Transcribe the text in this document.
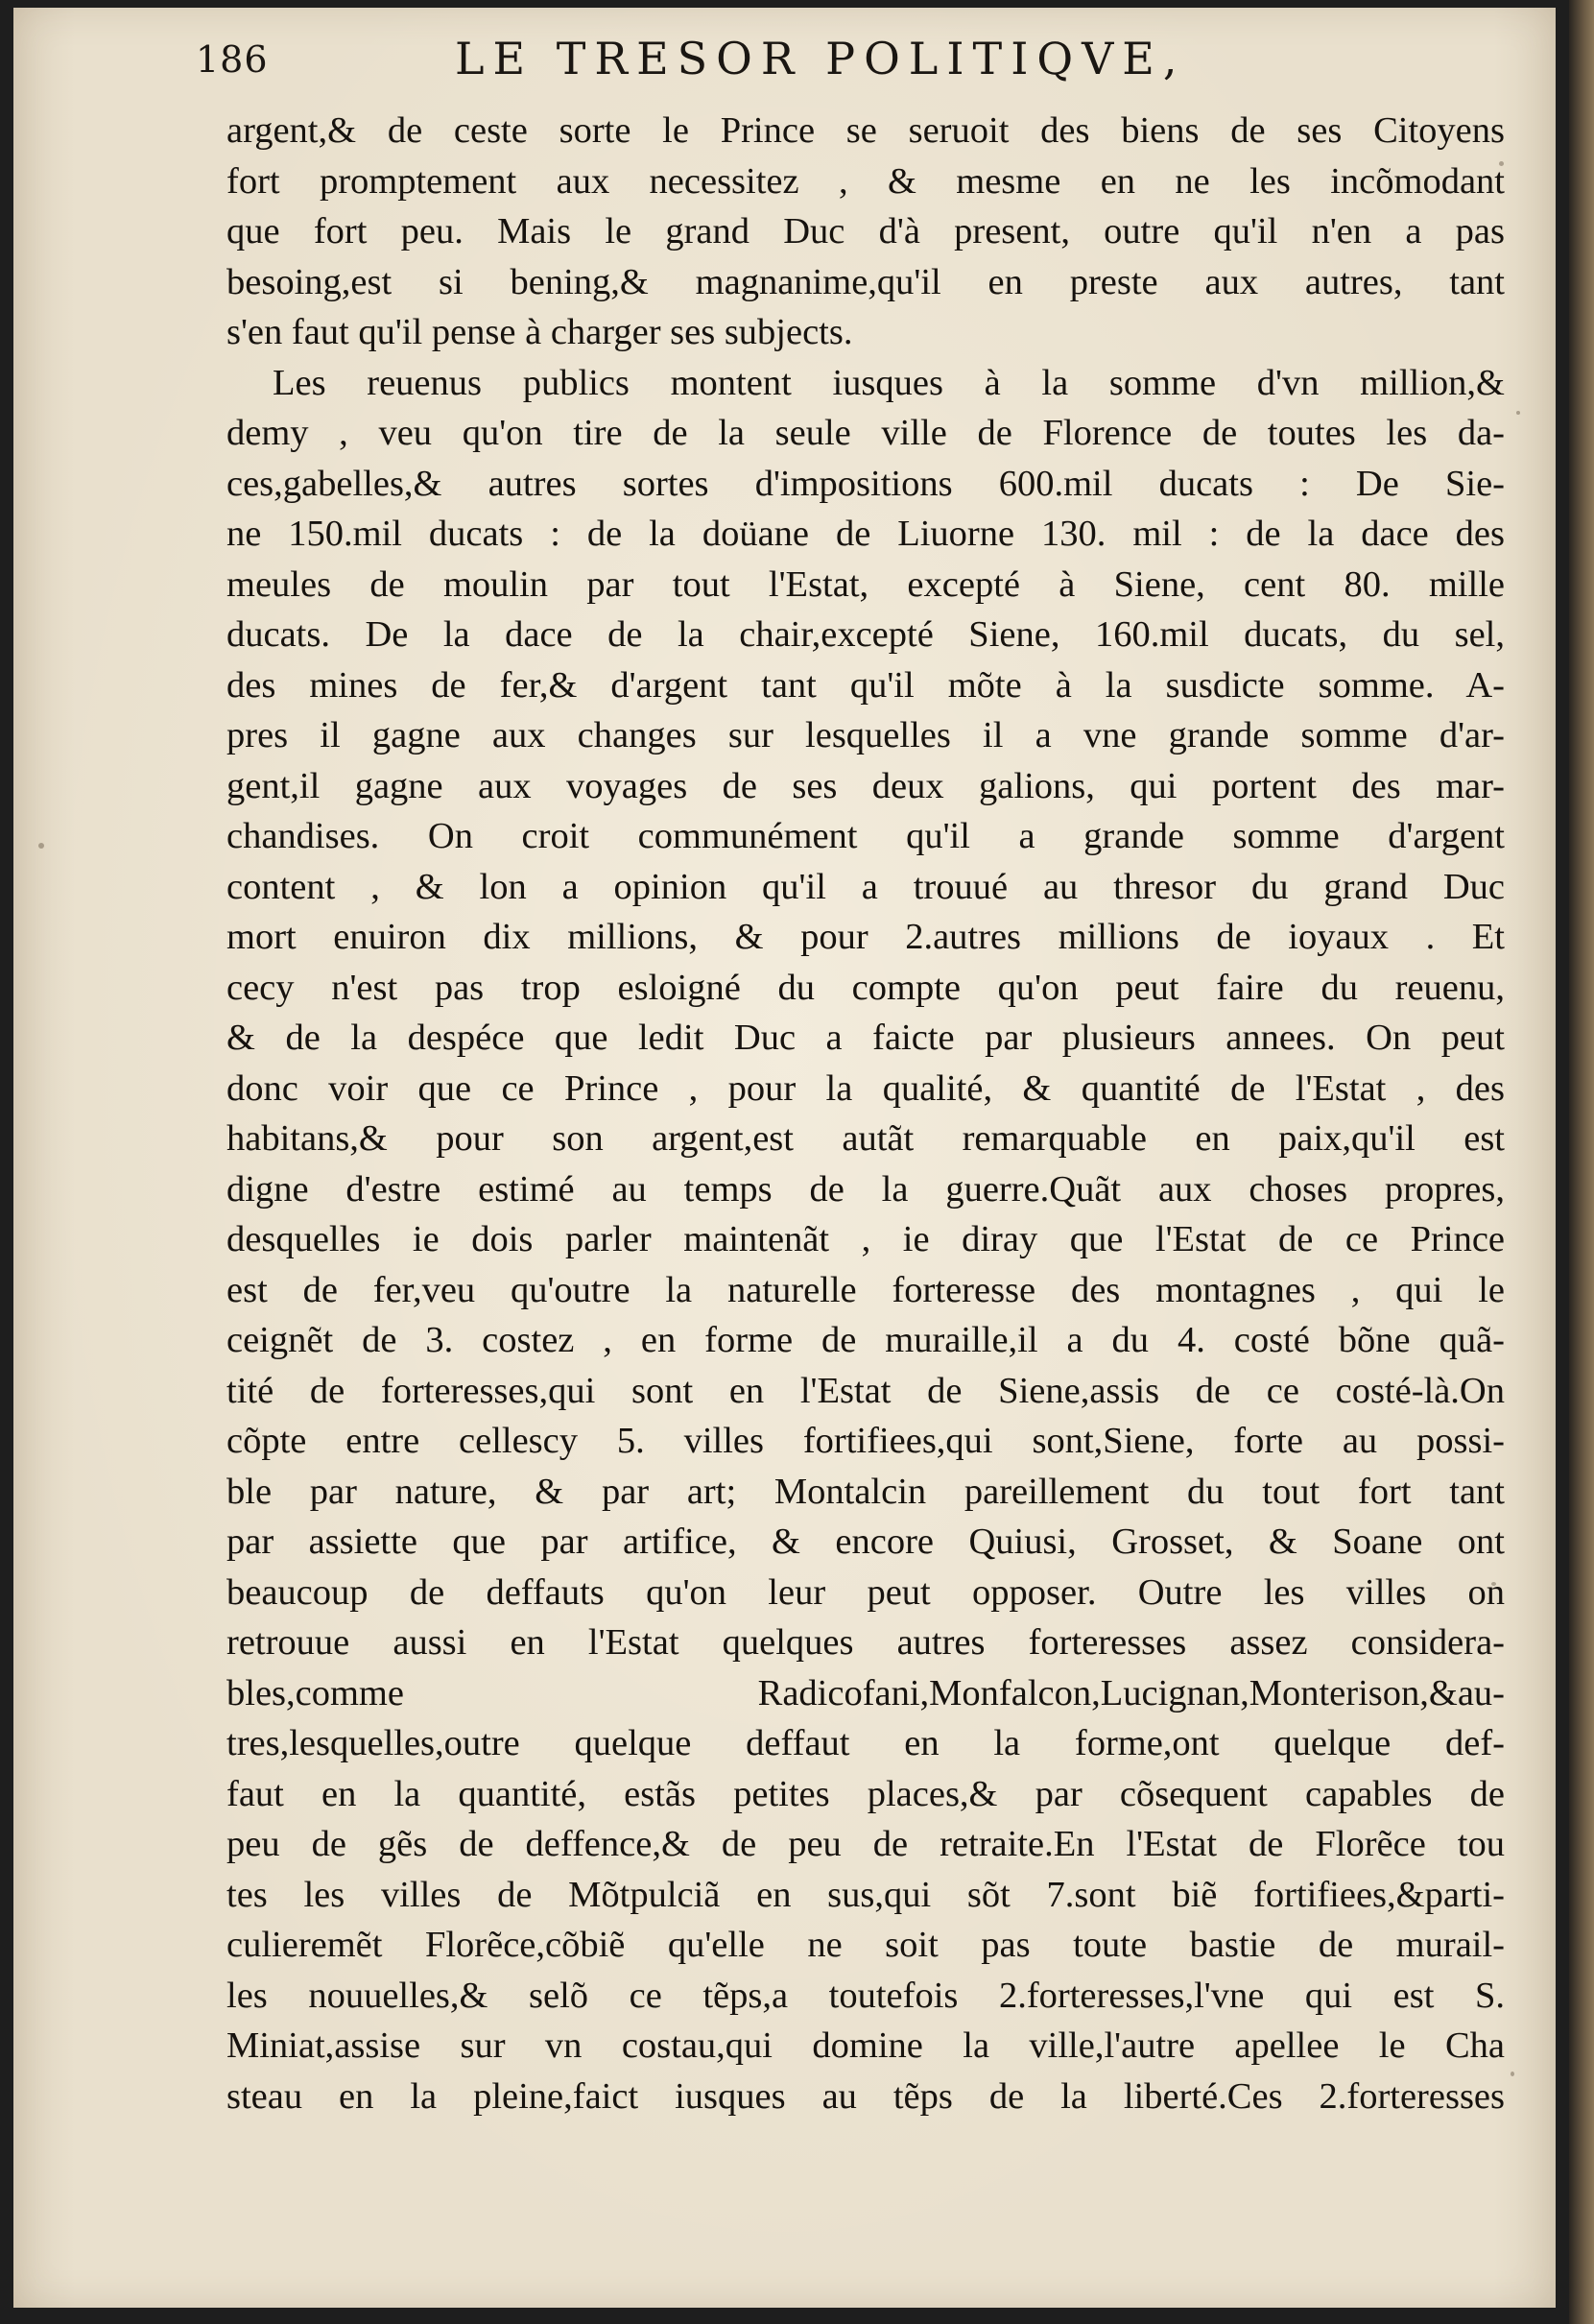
186	LE TRESOR POLITIQVE,
argent,& de ceste sorte le Prince se seruoit des biens de ses Citoyens
fort promptement aux necessitez , & mesme en ne les incõmodant
que fort peu. Mais le grand Duc d'à present, outre qu'il n'en a pas
besoing,est si bening,& magnanime,qu'il en preste aux autres, tant
s'en faut qu'il pense à charger ses subjects.
Les reuenus publics montent iusques à la somme d'vn million,&
demy , veu qu'on tire de la seule ville de Florence de toutes les da-
ces,gabelles,& autres sortes d'impositions 600.mil ducats : De Sie-
ne 150.mil ducats : de la doüane de Liuorne 130. mil : de la dace des
meules de moulin par tout l'Estat, excepté à Siene, cent 80. mille
ducats. De la dace de la chair,excepté Siene, 160.mil ducats, du sel,
des mines de fer,& d'argent tant qu'il mõte à la susdicte somme. A-
pres il gagne aux changes sur lesquelles il a vne grande somme d'ar-
gent,il gagne aux voyages de ses deux galions, qui portent des mar-
chandises. On croit communément qu'il a grande somme d'argent
content , & lon a opinion qu'il a trouué au thresor du grand Duc
mort enuiron dix millions, & pour 2.autres millions de ioyaux . Et
cecy n'est pas trop esloigné du compte qu'on peut faire du reuenu,
& de la despéce que ledit Duc a faicte par plusieurs annees. On peut
donc voir que ce Prince , pour la qualité, & quantité de l'Estat , des
habitans,& pour son argent,est autãt remarquable en paix,qu'il est
digne d'estre estimé au temps de la guerre.Quãt aux choses propres,
desquelles ie dois parler maintenãt , ie diray que l'Estat de ce Prince
est de fer,veu qu'outre la naturelle forteresse des montagnes , qui le
ceignẽt de 3. costez , en forme de muraille,il a du 4. costé bõne quã-
tité de forteresses,qui sont en l'Estat de Siene,assis de ce costé-là.On
cõpte entre cellescy 5. villes fortifiees,qui sont,Siene, forte au possi-
ble par nature, & par art; Montalcin pareillement du tout fort tant
par assiette que par artifice, & encore Quiusi, Grosset, & Soane ont
beaucoup de deffauts qu'on leur peut opposer. Outre les villes on
retrouue aussi en l'Estat quelques autres forteresses assez considera-
bles,comme Radicofani,Monfalcon,Lucignan,Monterison,&au-
tres,lesquelles,outre quelque deffaut en la forme,ont quelque def-
faut en la quantité, estãs petites places,& par cõsequent capables de
peu de gẽs de deffence,& de peu de retraite.En l'Estat de Florẽce tou
tes les villes de Mõtpulciã en sus,qui sõt 7.sont biẽ fortifiees,&parti-
culieremẽt Florẽce,cõbiẽ qu'elle ne soit pas toute bastie de murail-
les nouuelles,& selõ ce tẽps,a toutefois 2.forteresses,l'vne qui est S.
Miniat,assise sur vn costau,qui domine la ville,l'autre apellee le Cha
steau en la pleine,faict iusques au tẽps de la liberté.Ces 2.forteresses
